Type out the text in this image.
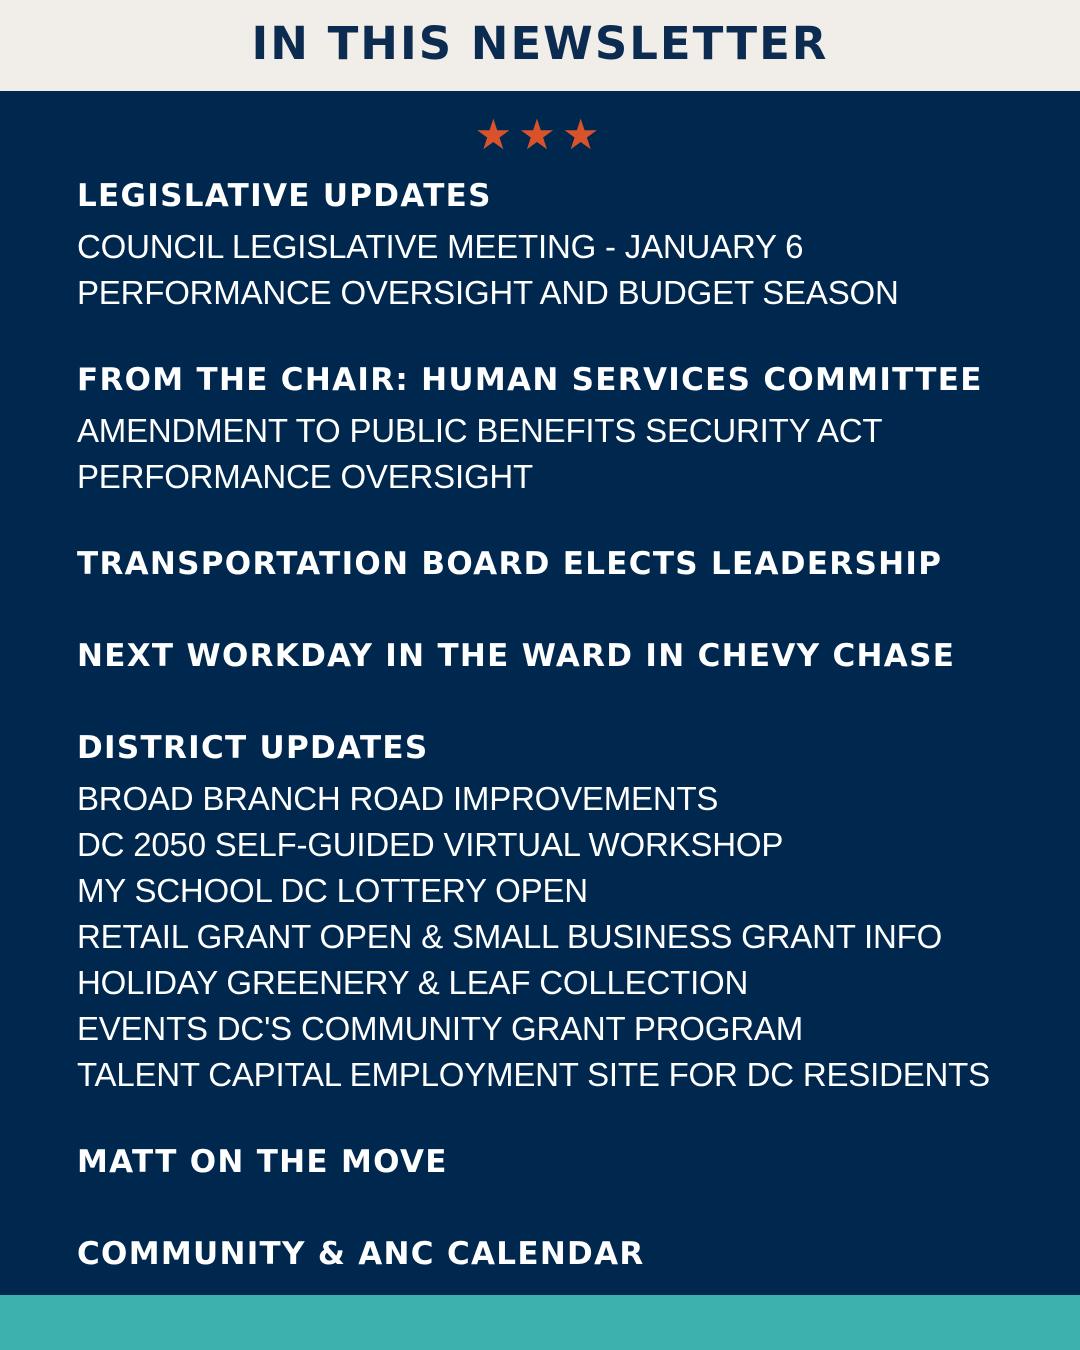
IN THIS NEWSLETTER
★★★
LEGISLATIVE UPDATES

COUNCIL LEGISLATIVE MEETING - JANUARY 6

PERFORMANCE OVERSIGHT AND BUDGET SEASON

FROM THE CHAIR: HUMAN SERVICES COMMITTEE

AMENDMENT TO PUBLIC BENEFITS SECURITY ACT

PERFORMANCE OVERSIGHT

TRANSPORTATION BOARD ELECTS LEADERSHIP
NEXT WORKDAY IN THE WARD IN CHEVY CHASE
DISTRICT UPDATES

BROAD BRANCH ROAD IMPROVEMENTS

DC 2050 SELF-GUIDED VIRTUAL WORKSHOP

MY SCHOOL DC LOTTERY OPEN

RETAIL GRANT OPEN & SMALL BUSINESS GRANT INFO

HOLIDAY GREENERY & LEAF COLLECTION

EVENTS DC'S COMMUNITY GRANT PROGRAM

TALENT CAPITAL EMPLOYMENT SITE FOR DC RESIDENTS

MATT ON THE MOVE
COMMUNITY & ANC CALENDAR
